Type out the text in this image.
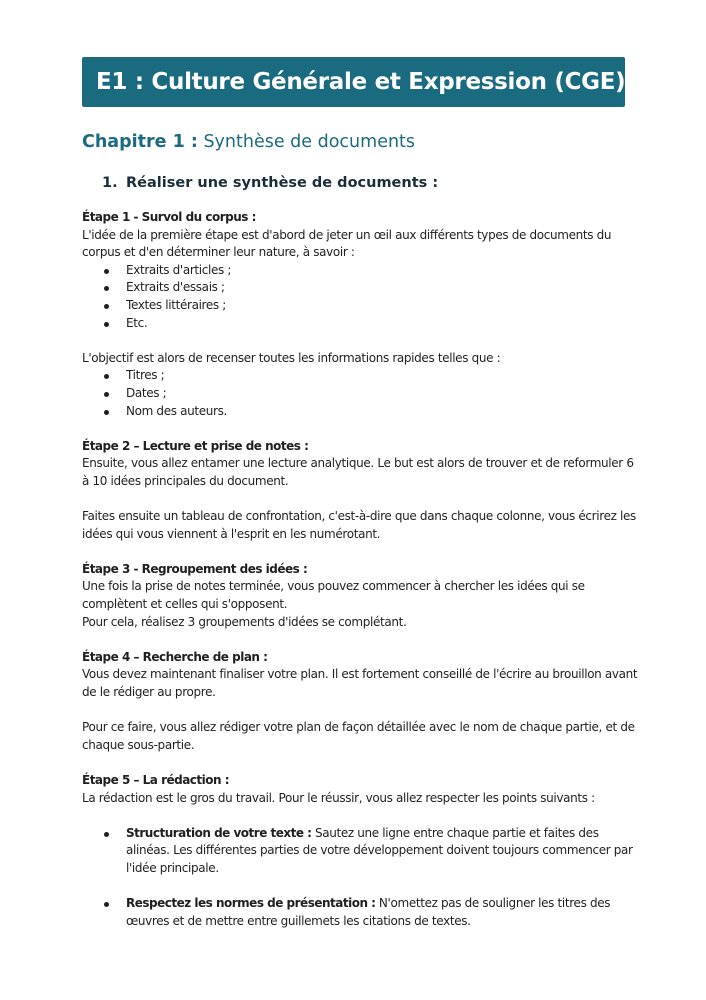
E1 : Culture Générale et Expression (CGE)
Chapitre 1 : Synthèse de documents
1. Réaliser une synthèse de documents :

Étape 1 - Survol du corpus :

L'idée de la première étape est d'abord de jeter un œil aux différents types de documents du corpus et d'en déterminer leur nature, à savoir :

Extraits d'articles ;
Extraits d'essais ;
Textes littéraires ;
Etc.

L'objectif est alors de recenser toutes les informations rapides telles que :

Titres ;
Dates ;
Nom des auteurs.

Étape 2 – Lecture et prise de notes :

Ensuite, vous allez entamer une lecture analytique. Le but est alors de trouver et de reformuler 6 à 10 idées principales du document.

Faites ensuite un tableau de confrontation, c'est-à-dire que dans chaque colonne, vous écrirez les idées qui vous viennent à l'esprit en les numérotant.

Étape 3 - Regroupement des idées :

Une fois la prise de notes terminée, vous pouvez commencer à chercher les idées qui se complètent et celles qui s'opposent.

Pour cela, réalisez 3 groupements d'idées se complétant.

Étape 4 – Recherche de plan :

Vous devez maintenant finaliser votre plan. Il est fortement conseillé de l'écrire au brouillon avant de le rédiger au propre.

Pour ce faire, vous allez rédiger votre plan de façon détaillée avec le nom de chaque partie, et de chaque sous-partie.

Étape 5 – La rédaction :

La rédaction est le gros du travail. Pour le réussir, vous allez respecter les points suivants :

Structuration de votre texte : Sautez une ligne entre chaque partie et faites des alinéas. Les différentes parties de votre développement doivent toujours commencer par l'idée principale.
Respectez les normes de présentation : N'omettez pas de souligner les titres des œuvres et de mettre entre guillemets les citations de textes.
